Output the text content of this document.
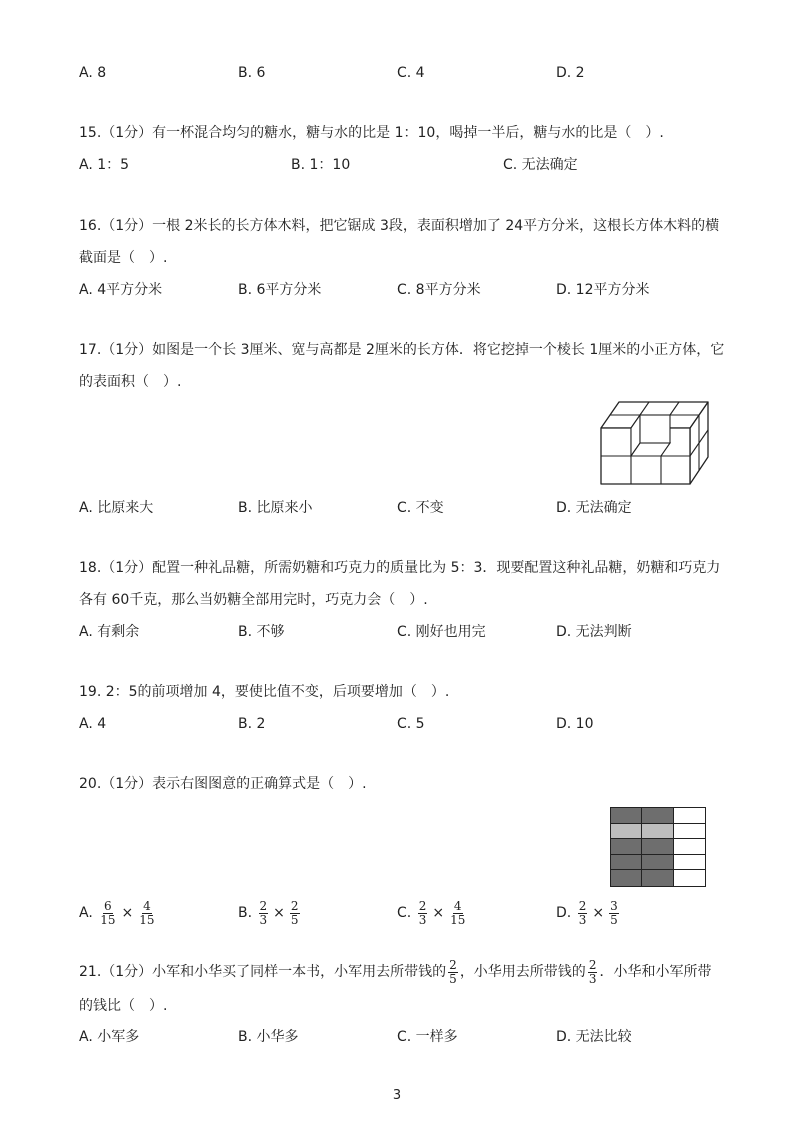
A. 8	B. 6	C. 4	D. 2
15.（1分）有一杯混合均匀的糖水，糖与水的比是 1：10，喝掉一半后，糖与水的比是（　）.
A. 1：5	B. 1：10	C. 无法确定
16.（1分）一根 2米长的长方体木料，把它锯成 3段，表面积增加了 24平方分米，这根长方体木料的横
截面是（　）.
A. 4平方分米	B. 6平方分米	C. 8平方分米	D. 12平方分米
17.（1分）如图是一个长 3厘米、宽与高都是 2厘米的长方体．将它挖掉一个棱长 1厘米的小正方体，它
的表面积（　）.
A. 比原来大	B. 比原来小	C. 不变	D. 无法确定
18.（1分）配置一种礼品糖，所需奶糖和巧克力的质量比为 5：3．现要配置这种礼品糖，奶糖和巧克力
各有 60千克，那么当奶糖全部用完时，巧克力会（　）.
A. 有剩余	B. 不够	C. 刚好也用完	D. 无法判断
19. 2：5的前项增加 4，要使比值不变，后项要增加（　）.
A. 4	B. 2	C. 5	D. 10
20.（1分）表示右图图意的正确算式是（　）.
A. $\frac{6}{15} \times \frac{4}{15}$	B. $\frac{2}{3} \times \frac{2}{5}$	C. $\frac{2}{3} \times \frac{4}{15}$	D. $\frac{2}{3} \times \frac{3}{5}$
21.（1分）小军和小华买了同样一本书，小军用去所带钱的 $\frac{2}{5}$ ，小华用去所带钱的 $\frac{2}{3}$ ．小华和小军所带
的钱比（　）.
A. 小军多	B. 小华多	C. 一样多	D. 无法比较
3
